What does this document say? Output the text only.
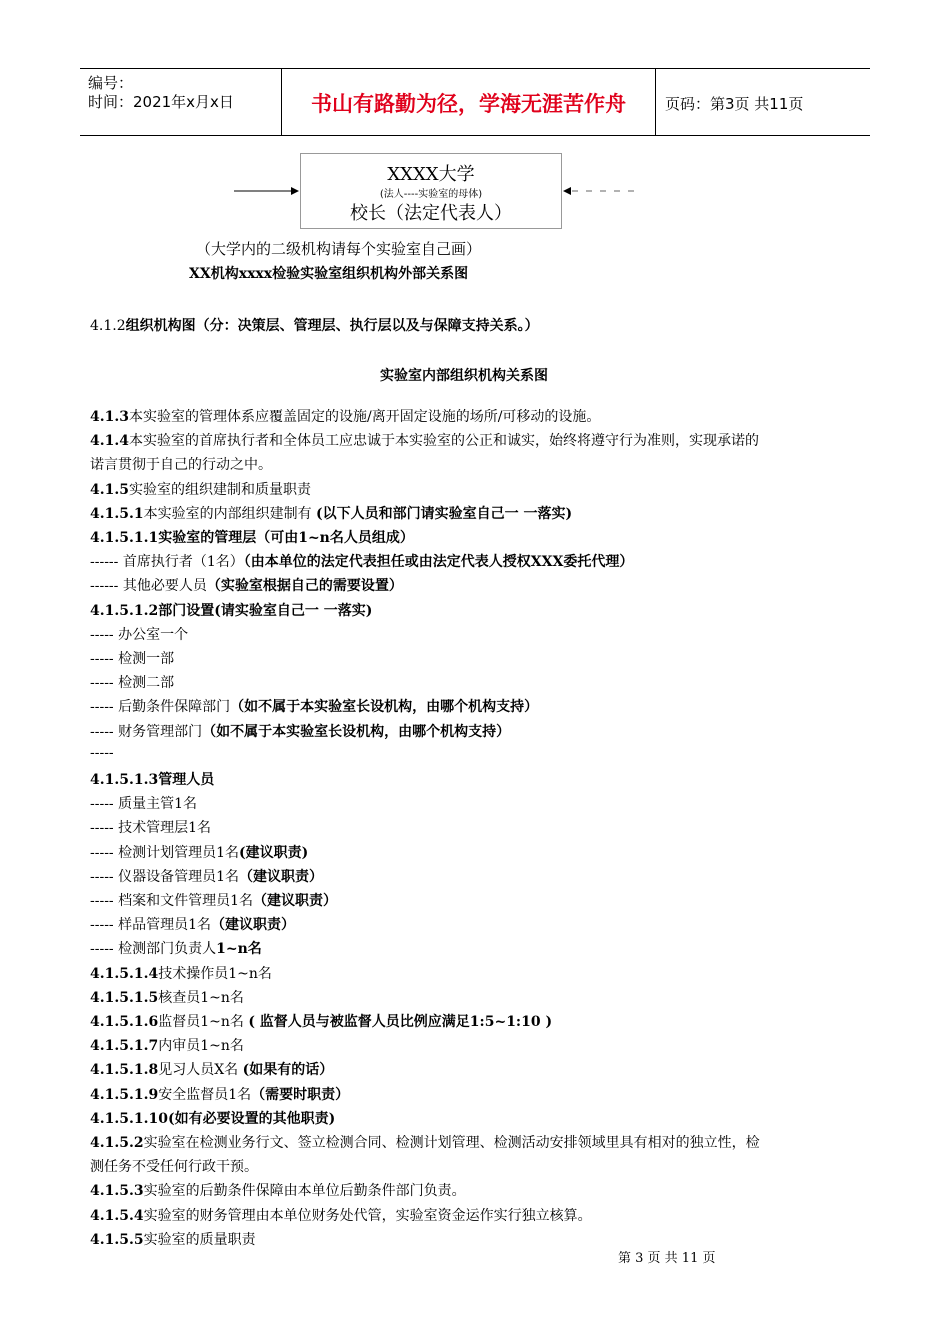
编号：
时间：2021年x月x日	书山有路勤为径，学海无涯苦作舟	页码：第3页 共11页
XXXX大学
(法人----实验室的母体)
校长（法定代表人）
（大学内的二级机构请每个实验室自己画）
XX机构xxxx检验实验室组织机构外部关系图
4.1.2组织机构图（分：决策层、管理层、执行层以及与保障支持关系。）
实验室内部组织机构关系图
4.1.3本实验室的管理体系应覆盖固定的设施/离开固定设施的场所/可移动的设施。
4.1.4本实验室的首席执行者和全体员工应忠诚于本实验室的公正和诚实，始终将遵守行为准则，实现承诺的
诺言贯彻于自己的行动之中。
4.1.5实验室的组织建制和质量职责
4.1.5.1本实验室的内部组织建制有 (以下人员和部门请实验室自己一 一落实)
4.1.5.1.1实验室的管理层（可由1~n名人员组成）
------ 首席执行者（1名）（由本单位的法定代表担任或由法定代表人授权XXX委托代理）
------ 其他必要人员（实验室根据自己的需要设置）
4.1.5.1.2部门设置(请实验室自己一 一落实)
----- 办公室一个
----- 检测一部
----- 检测二部
----- 后勤条件保障部门（如不属于本实验室长设机构，由哪个机构支持）
----- 财务管理部门（如不属于本实验室长设机构，由哪个机构支持）
-----
4.1.5.1.3管理人员
----- 质量主管1名
----- 技术管理层1名
----- 检测计划管理员1名(建议职责)
----- 仪器设备管理员1名（建议职责）
----- 档案和文件管理员1名（建议职责）
----- 样品管理员1名（建议职责）
----- 检测部门负责人1~n名
4.1.5.1.4技术操作员1~n名
4.1.5.1.5核查员1~n名
4.1.5.1.6监督员1~n名 ( 监督人员与被监督人员比例应满足1:5~1:10 )
4.1.5.1.7内审员1~n名
4.1.5.1.8见习人员X名 (如果有的话）
4.1.5.1.9安全监督员1名（需要时职责）
4.1.5.1.10(如有必要设置的其他职责)
4.1.5.2实验室在检测业务行文、签立检测合同、检测计划管理、检测活动安排领域里具有相对的独立性，检
测任务不受任何行政干预。
4.1.5.3实验室的后勤条件保障由本单位后勤条件部门负责。
4.1.5.4实验室的财务管理由本单位财务处代管，实验室资金运作实行独立核算。
4.1.5.5实验室的质量职责
第 3 页 共 11 页
